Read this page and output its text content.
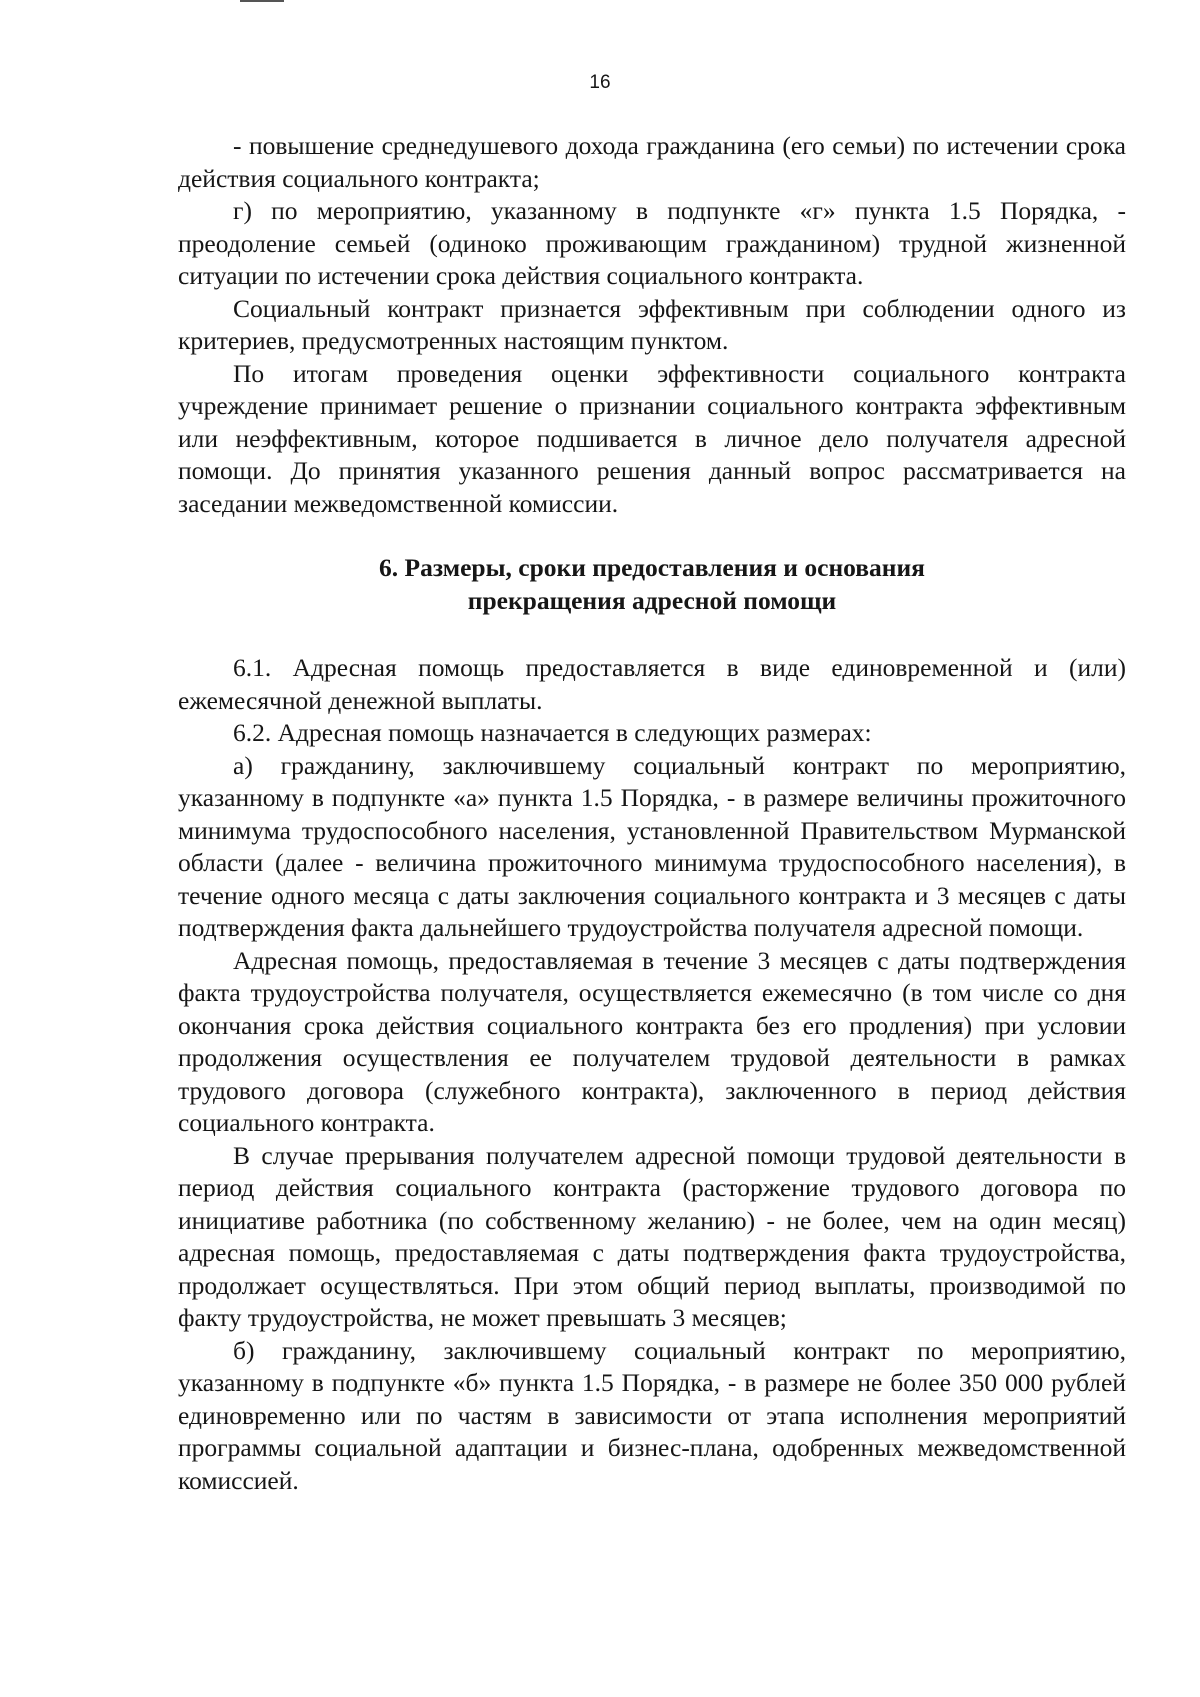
16

- повышение среднедушевого дохода гражданина (его семьи) по истечении срока действия социального контракта;

г) по мероприятию, указанному в подпункте «г» пункта 1.5 Порядка, - преодоление семьей (одиноко проживающим гражданином) трудной жизненной ситуации по истечении срока действия социального контракта.

Социальный контракт признается эффективным при соблюдении одного из критериев, предусмотренных настоящим пунктом.

По итогам проведения оценки эффективности социального контракта учреждение принимает решение о признании социального контракта эффективным или неэффективным, которое подшивается в личное дело получателя адресной помощи. До принятия указанного решения данный вопрос рассматривается на заседании межведомственной комиссии.

6. Размеры, сроки предоставления и основания
прекращения адресной помощи

6.1. Адресная помощь предоставляется в виде единовременной и (или) ежемесячной денежной выплаты.

6.2. Адресная помощь назначается в следующих размерах:

а) гражданину, заключившему социальный контракт по мероприятию, указанному в подпункте «а» пункта 1.5 Порядка, - в размере величины прожиточного минимума трудоспособного населения, установленной Правительством Мурманской области (далее - величина прожиточного минимума трудоспособного населения), в течение одного месяца с даты заключения социального контракта и 3 месяцев с даты подтверждения факта дальнейшего трудоустройства получателя адресной помощи.

Адресная помощь, предоставляемая в течение 3 месяцев с даты подтверждения факта трудоустройства получателя, осуществляется ежемесячно (в том числе со дня окончания срока действия социального контракта без его продления) при условии продолжения осуществления ее получателем трудовой деятельности в рамках трудового договора (служебного контракта), заключенного в период действия социального контракта.

В случае прерывания получателем адресной помощи трудовой деятельности в период действия социального контракта (расторжение трудового договора по инициативе работника (по собственному желанию) - не более, чем на один месяц) адресная помощь, предоставляемая с даты подтверждения факта трудоустройства, продолжает осуществляться. При этом общий период выплаты, производимой по факту трудоустройства, не может превышать 3 месяцев;

б) гражданину, заключившему социальный контракт по мероприятию, указанному в подпункте «б» пункта 1.5 Порядка, - в размере не более 350 000 рублей единовременно или по частям в зависимости от этапа исполнения мероприятий программы социальной адаптации и бизнес-плана, одобренных межведомственной комиссией.
